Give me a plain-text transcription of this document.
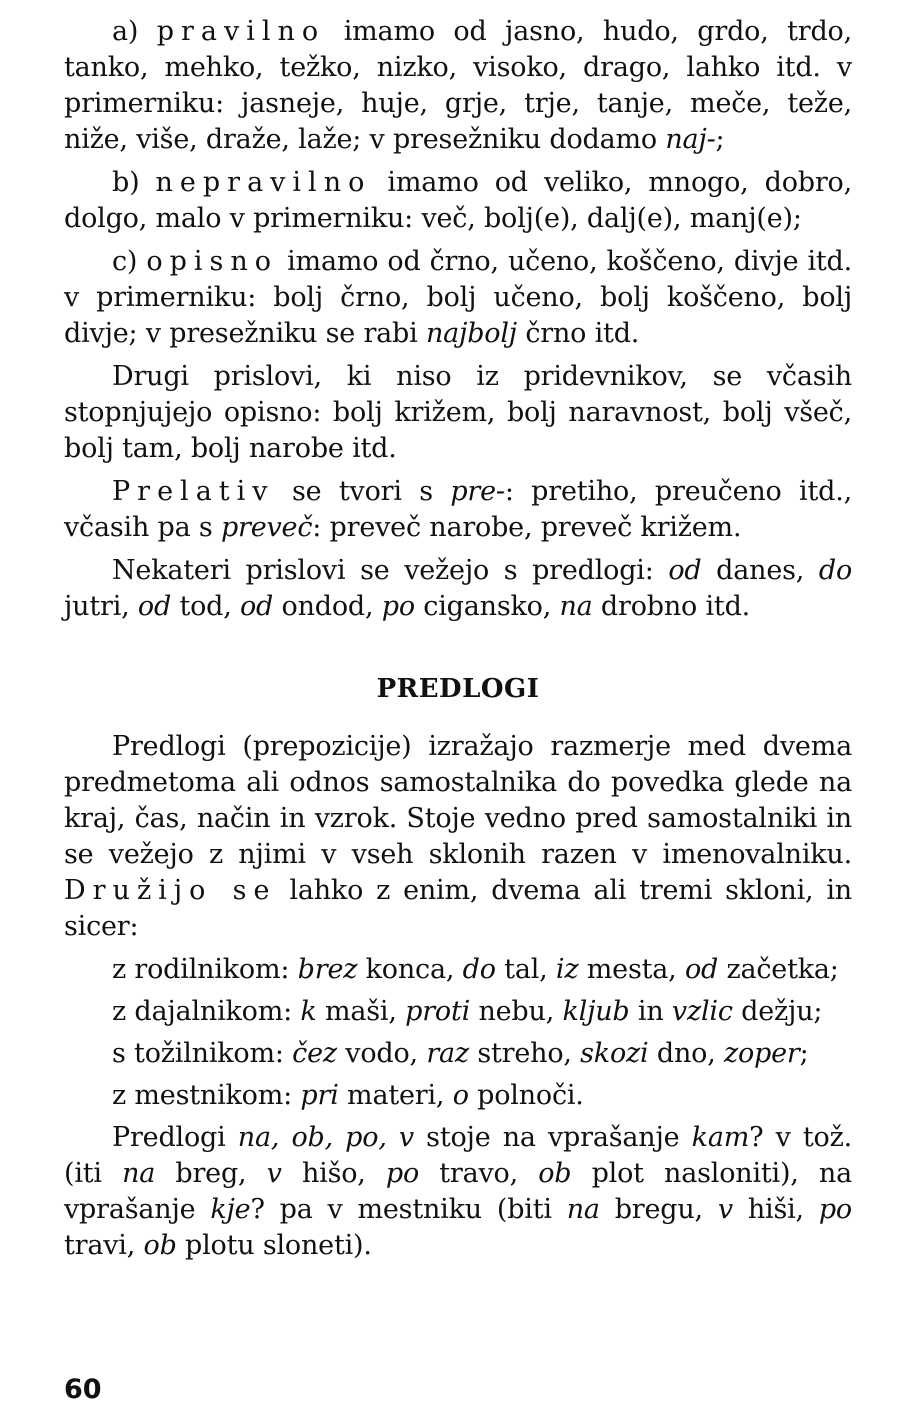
a) pravilno imamo od jasno, hudo, grdo, trdo, tanko, mehko, težko, nizko, visoko, drago, lahko itd. v primerniku: jasneje, huje, grje, trje, tanje, meče, teže, niže, više, draže, laže; v presežniku dodamo naj-;

b) nepravilno imamo od veliko, mnogo, dobro, dolgo, malo v primerniku: več, bolj(e), dalj(e), manj(e);

c) opisno imamo od črno, učeno, koščeno, divje itd. v primerniku: bolj črno, bolj učeno, bolj koščeno, bolj divje; v presežniku se rabi najbolj črno itd.

Drugi prislovi, ki niso iz pridevnikov, se včasih stopnjujejo opisno: bolj križem, bolj naravnost, bolj všeč, bolj tam, bolj narobe itd.

Prelativ se tvori s pre-: pretiho, preučeno itd., včasih pa s preveč: preveč narobe, preveč križem.

Nekateri prislovi se vežejo s predlogi: od danes, do jutri, od tod, od ondod, po cigansko, na drobno itd.

PREDLOGI

Predlogi (prepozicije) izražajo razmerje med dvema predmetoma ali odnos samostalnika do povedka glede na kraj, čas, način in vzrok. Stoje vedno pred samostalniki in se vežejo z njimi v vseh sklonih razen v imenovalniku. Družijo se lahko z enim, dvema ali tremi skloni, in sicer:

z rodilnikom: brez konca, do tal, iz mesta, od začetka;

z dajalnikom: k maši, proti nebu, kljub in vzlic dežju;

s tožilnikom: čez vodo, raz streho, skozi dno, zoper;

z mestnikom: pri materi, o polnoči.

Predlogi na, ob, po, v stoje na vprašanje kam? v tož. (iti na breg, v hišo, po travo, ob plot nasloniti), na vprašanje kje? pa v mestniku (biti na bregu, v hiši, po travi, ob plotu sloneti).

60
